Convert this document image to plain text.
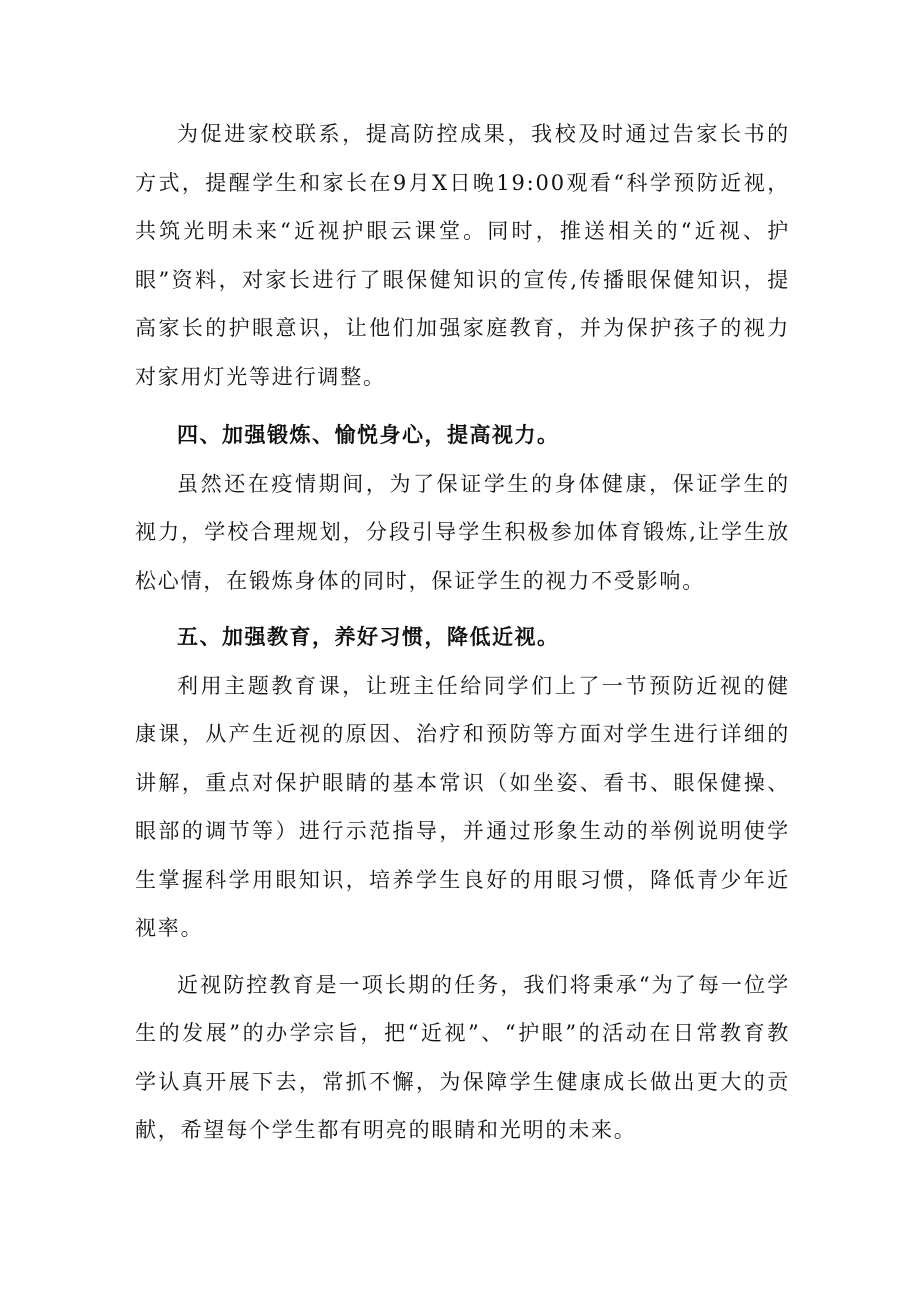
为促进家校联系，提高防控成果，我校及时通过告家长书的方式，提醒学生和家长在9月X日晚19:00观看“科学预防近视，共筑光明未来“近视护眼云课堂。同时，推送相关的“近视、护眼”资料，对家长进行了眼保健知识的宣传,传播眼保健知识，提高家长的护眼意识，让他们加强家庭教育，并为保护孩子的视力对家用灯光等进行调整。

四、加强锻炼、愉悦身心，提高视力。

虽然还在疫情期间，为了保证学生的身体健康，保证学生的视力，学校合理规划，分段引导学生积极参加体育锻炼,让学生放松心情，在锻炼身体的同时，保证学生的视力不受影响。

五、加强教育，养好习惯，降低近视。

利用主题教育课，让班主任给同学们上了一节预防近视的健康课，从产生近视的原因、治疗和预防等方面对学生进行详细的讲解，重点对保护眼睛的基本常识（如坐姿、看书、眼保健操、眼部的调节等）进行示范指导，并通过形象生动的举例说明使学生掌握科学用眼知识，培养学生良好的用眼习惯，降低青少年近视率。

近视防控教育是一项长期的任务，我们将秉承“为了每一位学生的发展”的办学宗旨，把“近视”、“护眼”的活动在日常教育教学认真开展下去，常抓不懈，为保障学生健康成长做出更大的贡献，希望每个学生都有明亮的眼睛和光明的未来。
